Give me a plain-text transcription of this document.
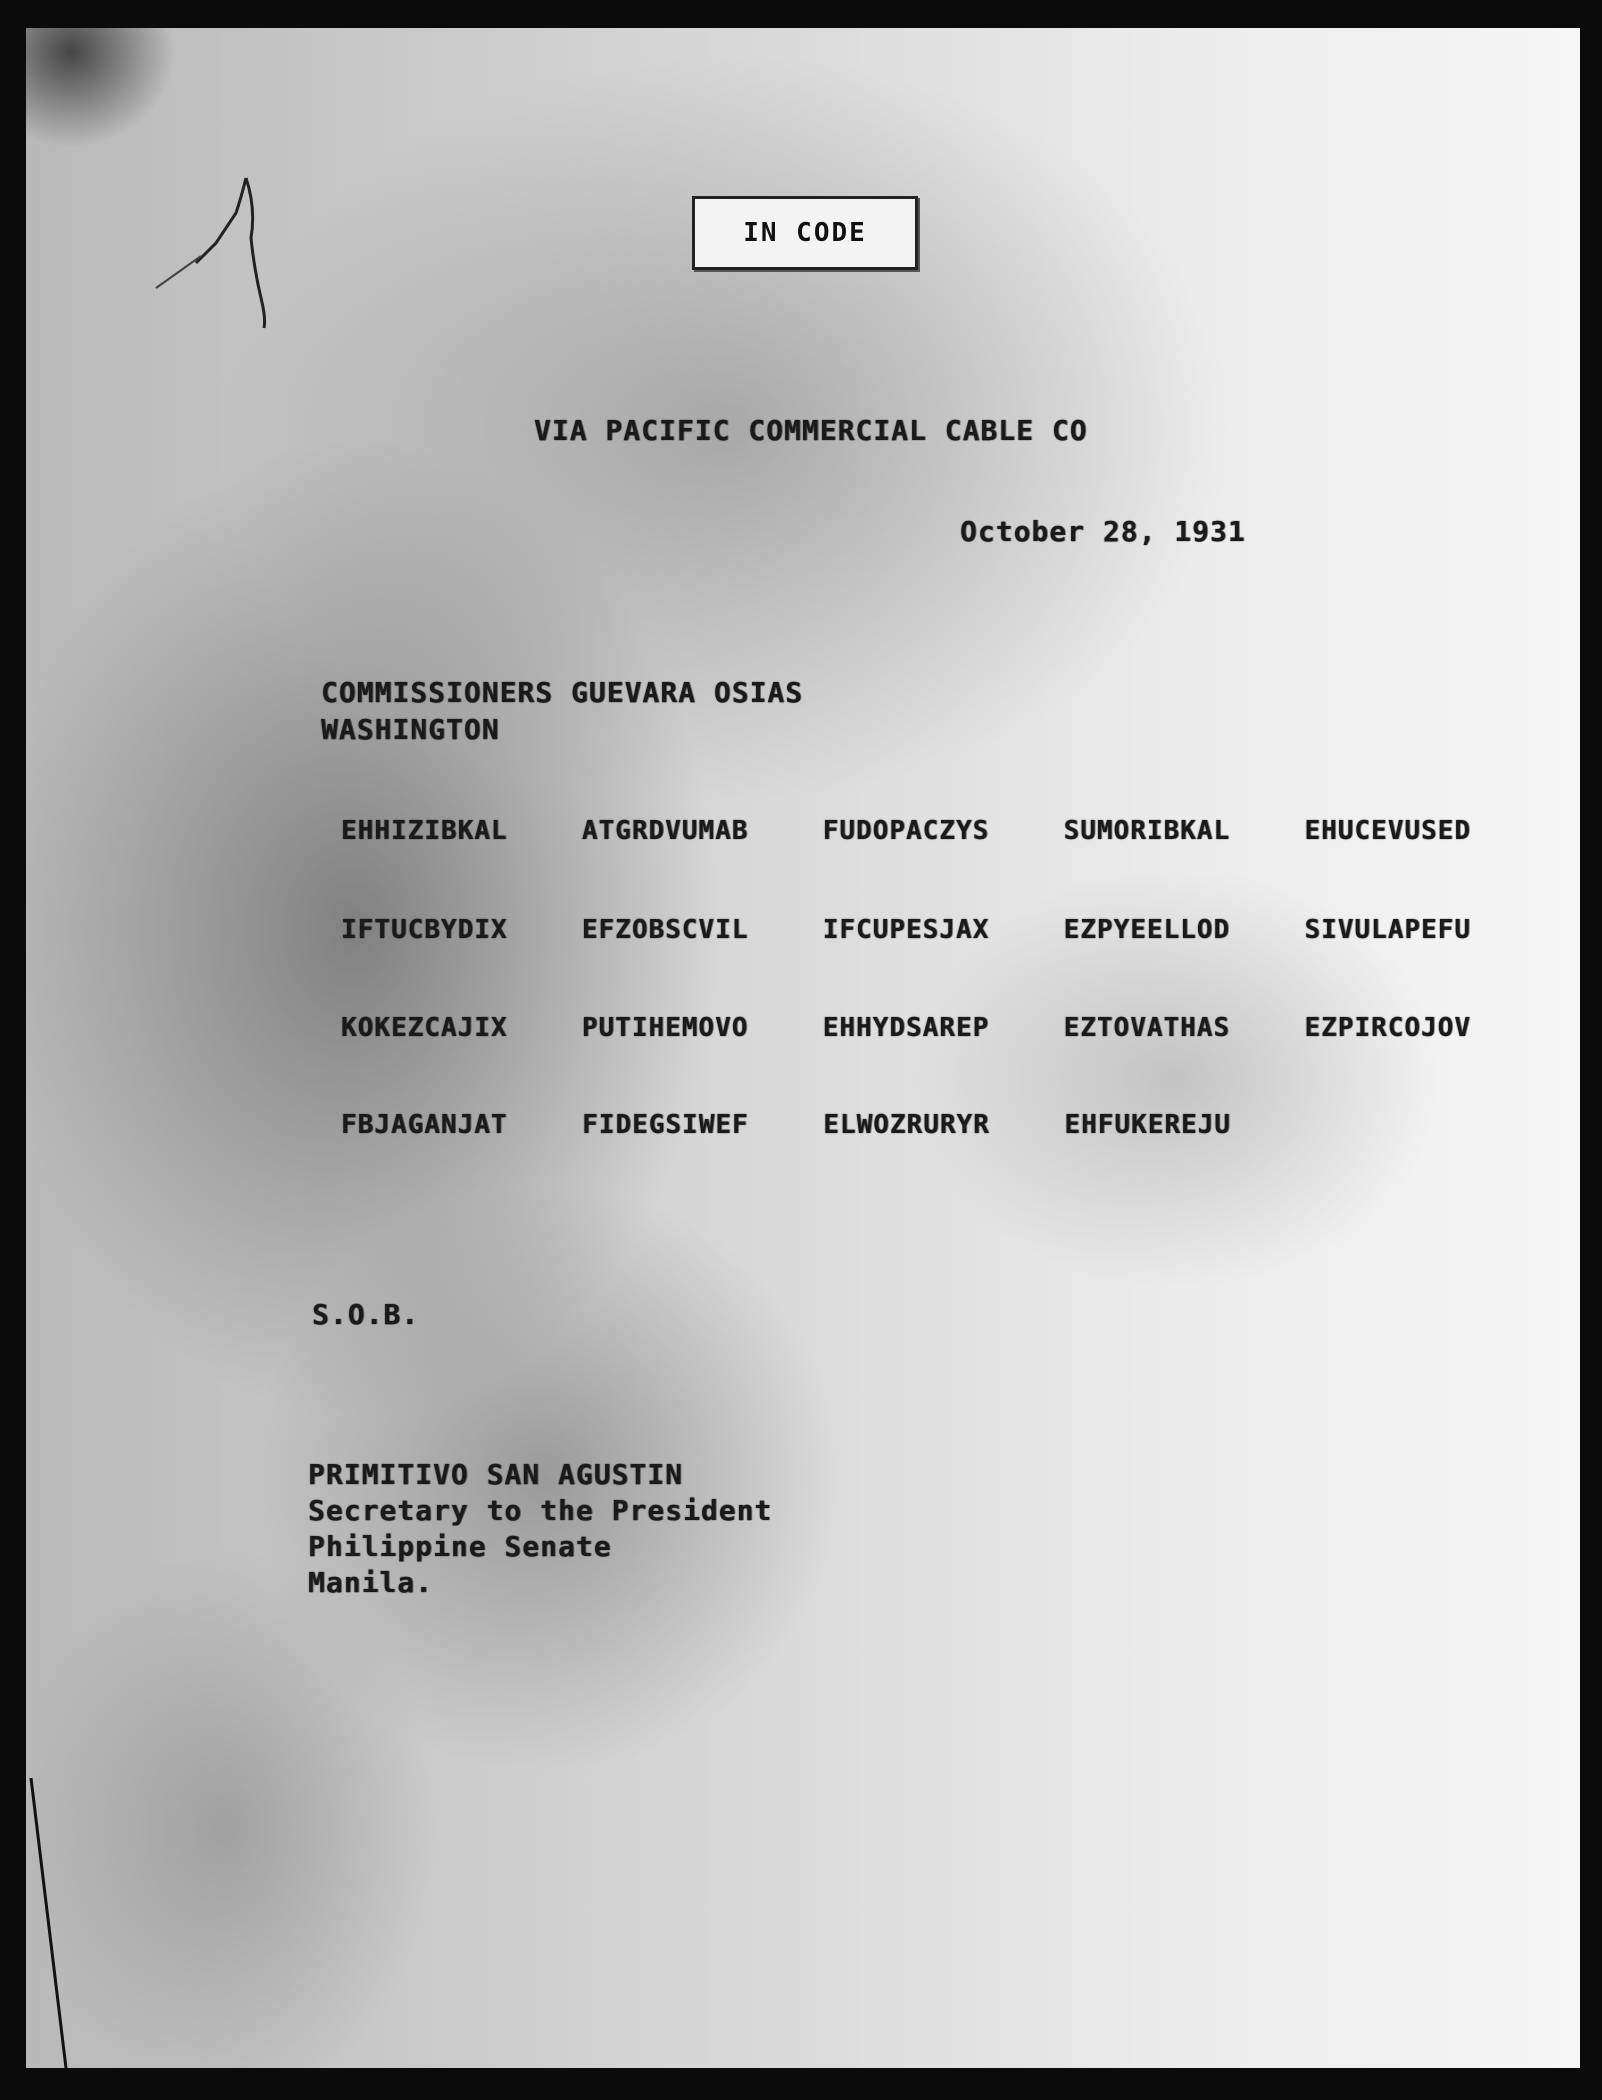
IN CODE

VIA PACIFIC COMMERCIAL CABLE CO

October 28, 1931

COMMISSIONERS GUEVARA OSIAS

WASHINGTON

EHHIZIBKAL	ATGRDVUMAB	FUDOPACZYS	SUMORIBKAL	EHUCEVUSED
IFTUCBYDIX	EFZOBSCVIL	IFCUPESJAX	EZPYEELLOD	SIVULAPEFU
KOKEZCAJIX	PUTIHEMOVO	EHHYDSAREP	EZTOVATHAS	EZPIRCOJOV
FBJAGANJAT	FIDEGSIWEF	ELWOZRURYR	EHFUKEREJU

S.O.B.

PRIMITIVO SAN AGUSTIN

Secretary to the President

Philippine Senate

Manila.
